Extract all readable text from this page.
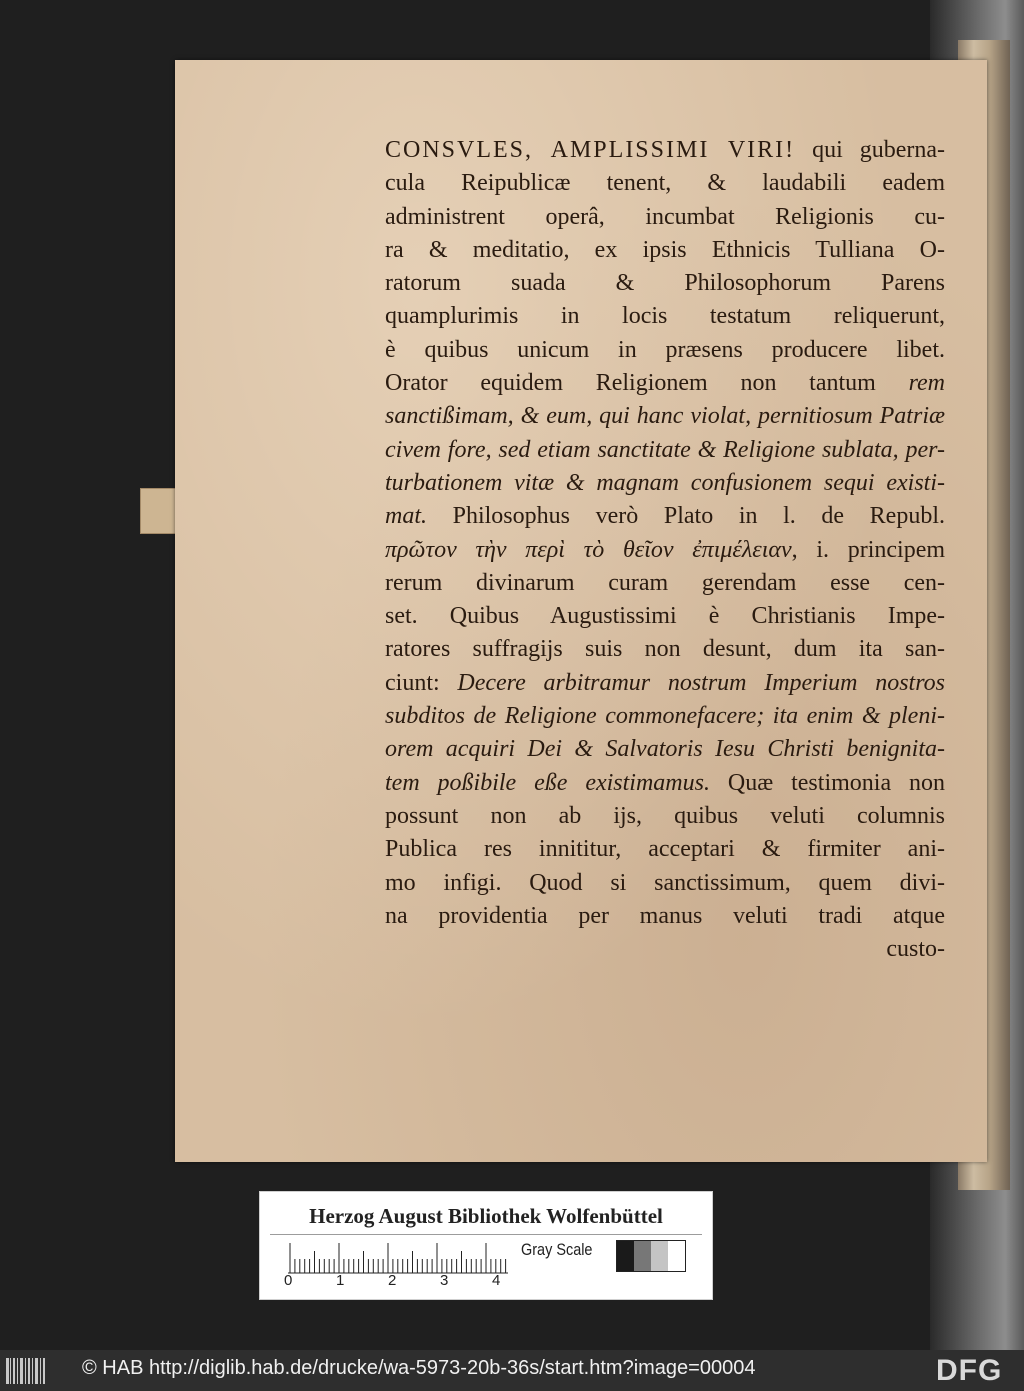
CONSVLES, AMPLISSIMI VIRI! qui guberna-
cula Reipublicæ tenent, & laudabili eadem
administrent operâ, incumbat Religionis cu-
ra & meditatio, ex ipsis Ethnicis Tulliana O-
ratorum suada & Philosophorum Parens
quamplurimis in locis testatum reliquerunt,
è quibus unicum in præsens producere libet.
Orator equidem Religionem non tantum rem
sanctißimam, & eum, qui hanc violat, pernitiosum Patriæ
civem fore, sed etiam sanctitate & Religione sublata, per-
turbationem vitæ & magnam confusionem sequi existi-
mat. Philosophus verò Plato in l. de Republ.
πρῶτον τὴν περὶ τὸ θεῖον ἐπιμέλειαν, i. principem
rerum divinarum curam gerendam esse cen-
set. Quibus Augustissimi è Christianis Impe-
ratores suffragijs suis non desunt, dum ita san-
ciunt: Decere arbitramur nostrum Imperium nostros
subditos de Religione commonefacere; ita enim & pleni-
orem acquiri Dei & Salvatoris Iesu Christi benignita-
tem poßibile eße existimamus. Quæ testimonia non
possunt non ab ijs, quibus veluti columnis
Publica res innititur, acceptari & firmiter ani-
mo infigi. Quod si sanctissimum, quem divi-
na providentia per manus veluti tradi atque
custo-
Herzog August Bibliothek Wolfenbüttel
0	1	2	3	4
Gray Scale
© HAB http://diglib.hab.de/drucke/wa-5973-20b-36s/start.htm?image=00004	DFG
